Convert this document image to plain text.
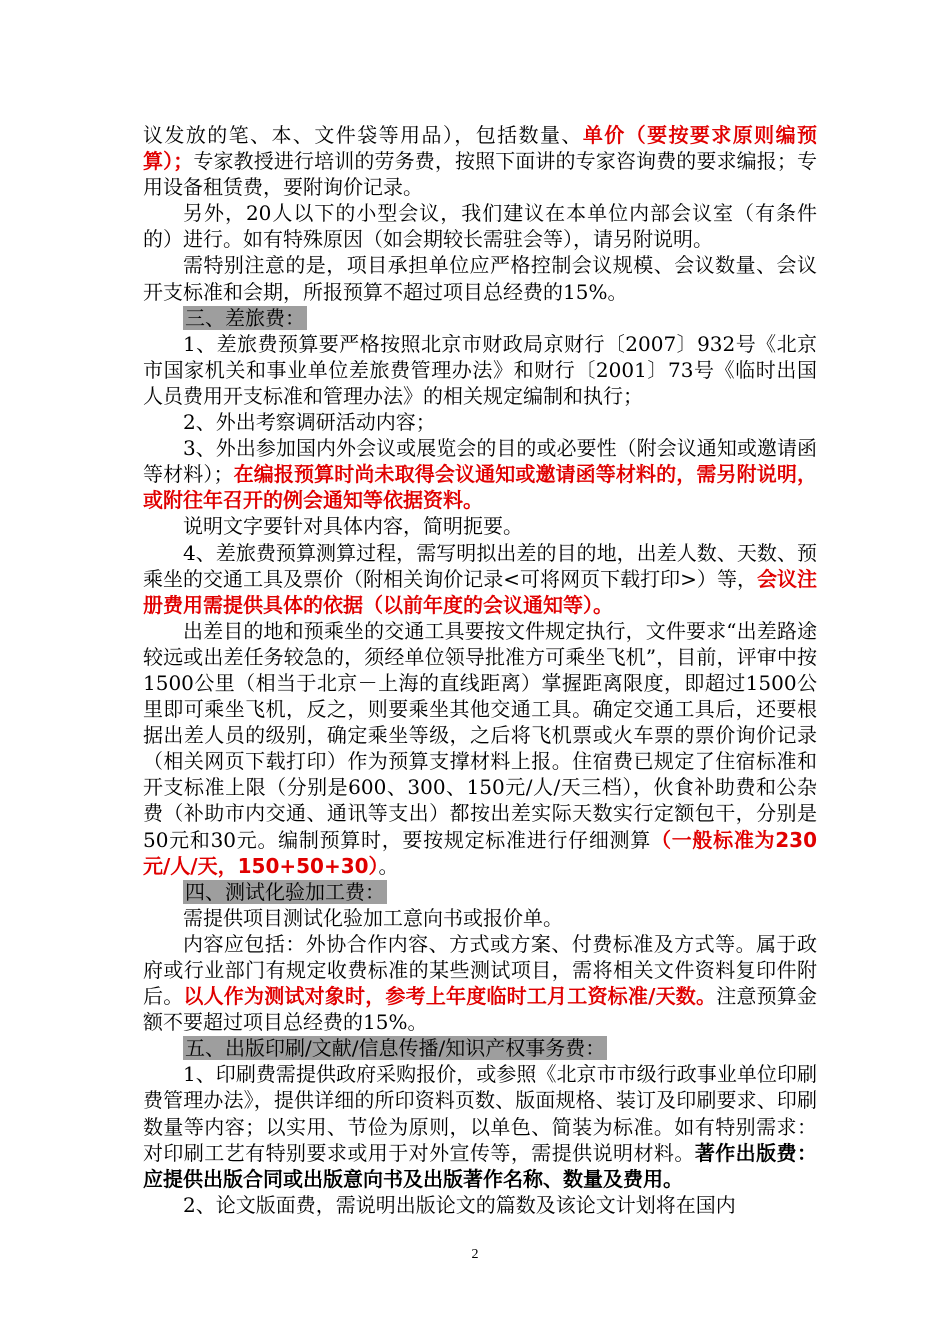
议发放的笔、本、文件袋等用品），包括数量、单价（要按要求原则编预算）；专家教授进行培训的劳务费，按照下面讲的专家咨询费的要求编报；专用设备租赁费，要附询价记录。

另外，20人以下的小型会议，我们建议在本单位内部会议室（有条件的）进行。如有特殊原因（如会期较长需驻会等），请另附说明。

需特别注意的是，项目承担单位应严格控制会议规模、会议数量、会议开支标准和会期，所报预算不超过项目总经费的15%。

三、差旅费：

1、差旅费预算要严格按照北京市财政局京财行〔2007〕932号《北京市国家机关和事业单位差旅费管理办法》和财行〔2001〕73号《临时出国人员费用开支标准和管理办法》的相关规定编制和执行；

2、外出考察调研活动内容；

3、外出参加国内外会议或展览会的目的或必要性（附会议通知或邀请函等材料）；在编报预算时尚未取得会议通知或邀请函等材料的，需另附说明，或附往年召开的例会通知等依据资料。

说明文字要针对具体内容，简明扼要。

4、差旅费预算测算过程，需写明拟出差的目的地，出差人数、天数、预乘坐的交通工具及票价（附相关询价记录<可将网页下载打印>）等，会议注册费用需提供具体的依据（以前年度的会议通知等）。

出差目的地和预乘坐的交通工具要按文件规定执行，文件要求“出差路途较远或出差任务较急的，须经单位领导批准方可乘坐飞机”，目前，评审中按1500公里（相当于北京－上海的直线距离）掌握距离限度，即超过1500公里即可乘坐飞机，反之，则要乘坐其他交通工具。确定交通工具后，还要根据出差人员的级别，确定乘坐等级，之后将飞机票或火车票的票价询价记录（相关网页下载打印）作为预算支撑材料上报。住宿费已规定了住宿标准和开支标准上限（分别是600、300、150元/人/天三档），伙食补助费和公杂费（补助市内交通、通讯等支出）都按出差实际天数实行定额包干，分别是50元和30元。编制预算时，要按规定标准进行仔细测算（一般标准为230元/人/天，150+50+30）。

四、测试化验加工费：

需提供项目测试化验加工意向书或报价单。

内容应包括：外协合作内容、方式或方案、付费标准及方式等。属于政府或行业部门有规定收费标准的某些测试项目，需将相关文件资料复印件附后。以人作为测试对象时，参考上年度临时工月工资标准/天数。注意预算金额不要超过项目总经费的15%。

五、出版印刷/文献/信息传播/知识产权事务费：

1、印刷费需提供政府采购报价，或参照《北京市市级行政事业单位印刷费管理办法》，提供详细的所印资料页数、版面规格、装订及印刷要求、印刷数量等内容；以实用、节俭为原则，以单色、简装为标准。如有特别需求：对印刷工艺有特别要求或用于对外宣传等，需提供说明材料。著作出版费：应提供出版合同或出版意向书及出版著作名称、数量及费用。

2、论文版面费，需说明出版论文的篇数及该论文计划将在国内

2
